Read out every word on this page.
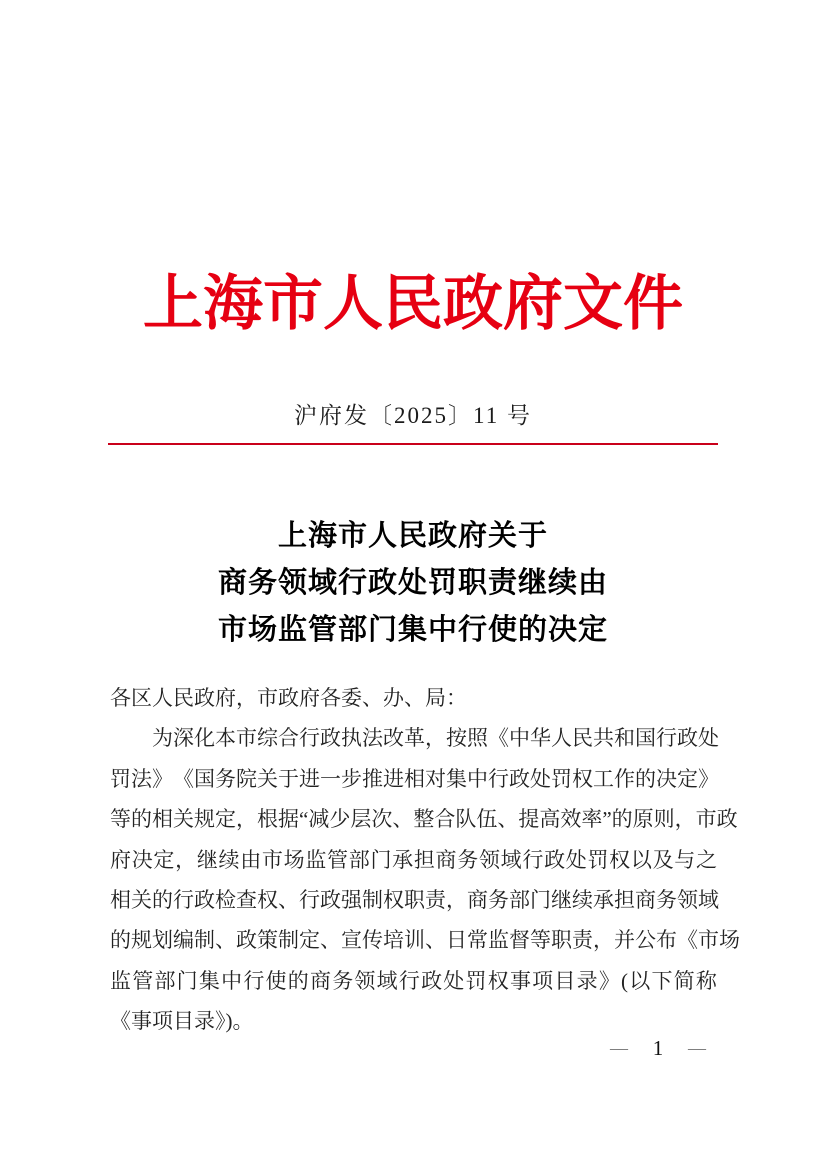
上海市人民政府文件
沪府发〔2025〕11 号
上海市人民政府关于
商务领域行政处罚职责继续由
市场监管部门集中行使的决定
各区人民政府，市政府各委、办、局：
为 深 化 本 市 综 合 行 政 执 法 改 革 ， 按 照 《 中 华 人 民 共 和 国 行 政 处
罚 法 》 《 国 务 院 关 于 进 一 步 推 进 相 对 集 中 行 政 处 罚 权 工 作 的 决 定 》
等 的 相 关 规 定 ， 根 据 “ 减 少 层 次 、 整 合 队 伍 、 提 高 效 率 ” 的 原 则 ， 市 政
府 决 定 ， 继 续 由 市 场 监 管 部 门 承 担 商 务 领 域 行 政 处 罚 权 以 及 与 之
相 关 的 行 政 检 查 权 、 行 政 强 制 权 职 责 ， 商 务 部 门 继 续 承 担 商 务 领 域
的 规 划 编 制 、 政 策 制 定 、 宣 传 培 训 、 日 常 监 督 等 职 责 ， 并 公 布 《 市 场
监 管 部 门 集 中 行 使 的 商 务 领 域 行 政 处 罚 权 事 项 目 录 》 ( 以 下 简 称
《事项目录》)。
— 1 —
